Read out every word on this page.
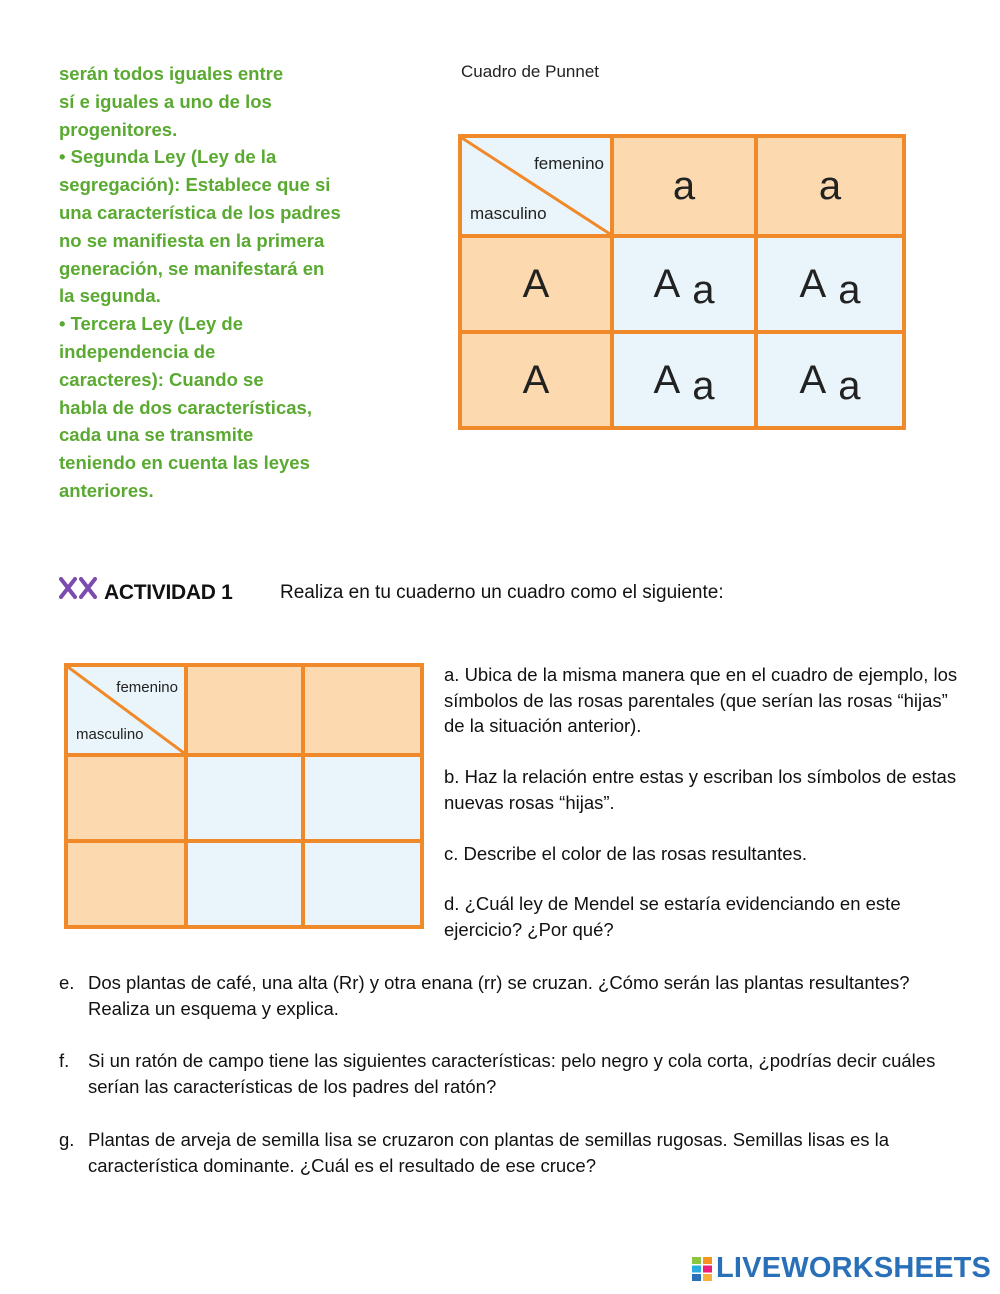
serán todos iguales entre
sí e iguales a uno de los
progenitores.
• Segunda Ley (Ley de la
segregación): Establece que si
una característica de los padres
no se manifiesta en la primera
generación, se manifestará en
la segunda.
• Tercera Ley (Ley de
independencia de
caracteres): Cuando se
habla de dos características,
cada una se transmite
teniendo en cuenta las leyes
anteriores.
Cuadro de Punnet
femenino
masculino	a	a
A	A a	A a
A	A a	A a
ACTIVIDAD 1 Realiza en tu cuaderno un cuadro como el siguiente:
femenino
masculino		

a. Ubica de la misma manera que en el cuadro de ejemplo, los símbolos de las rosas parentales (que serían las rosas “hijas” de la situación anterior).

b. Haz la relación entre estas y escriban los símbolos de estas nuevas rosas “hijas”.

c. Describe el color de las rosas resultantes.

d. ¿Cuál ley de Mendel se estaría evidenciando en este ejercicio? ¿Por qué?

e. Dos plantas de café, una alta (Rr) y otra enana (rr) se cruzan. ¿Cómo serán las plantas resultantes? Realiza un esquema y explica.
f.	Si un ratón de campo tiene las siguientes características: pelo negro y cola corta, ¿podrías decir cuáles serían las características de los padres del ratón?
g. Plantas de arveja de semilla lisa se cruzaron con plantas de semillas rugosas. Semillas lisas es la característica dominante. ¿Cuál es el resultado de ese cruce?
LIVEWORKSHEETS
